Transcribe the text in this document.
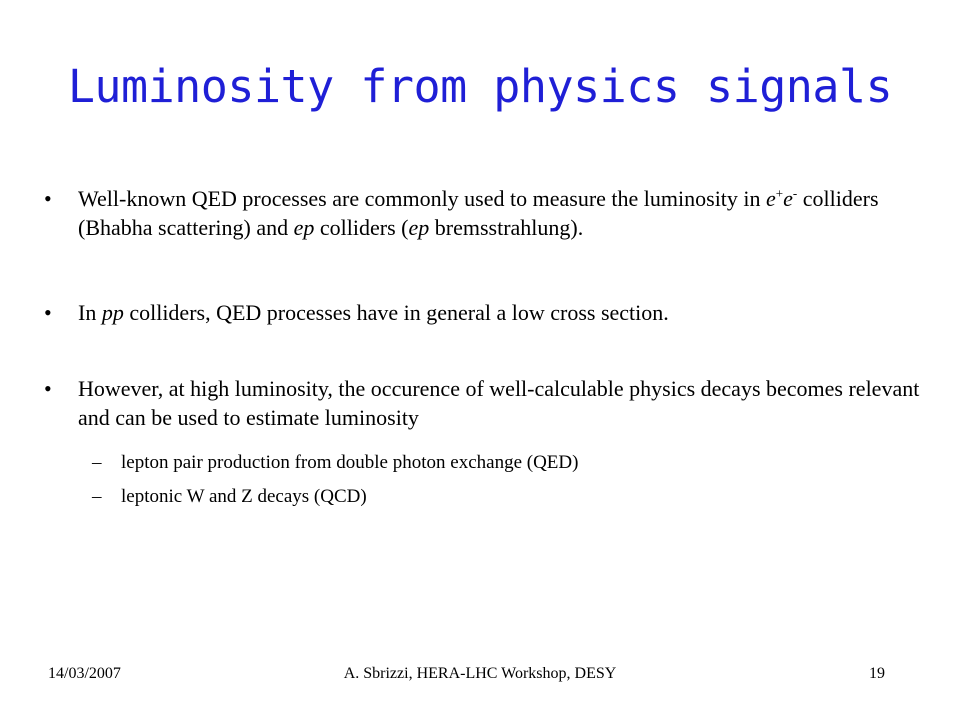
Luminosity from physics signals
• Well-known QED processes are commonly used to measure the luminosity in e+e- colliders (Bhabha scattering) and ep colliders (ep bremsstrahlung).
• In pp colliders, QED processes have in general a low cross section.
• However, at high luminosity, the occurence of well-calculable physics decays becomes relevant and can be used to estimate luminosity
– lepton pair production from double photon exchange (QED)
– leptonic W and Z decays (QCD)
14/03/2007	A. Sbrizzi, HERA-LHC Workshop, DESY	19
